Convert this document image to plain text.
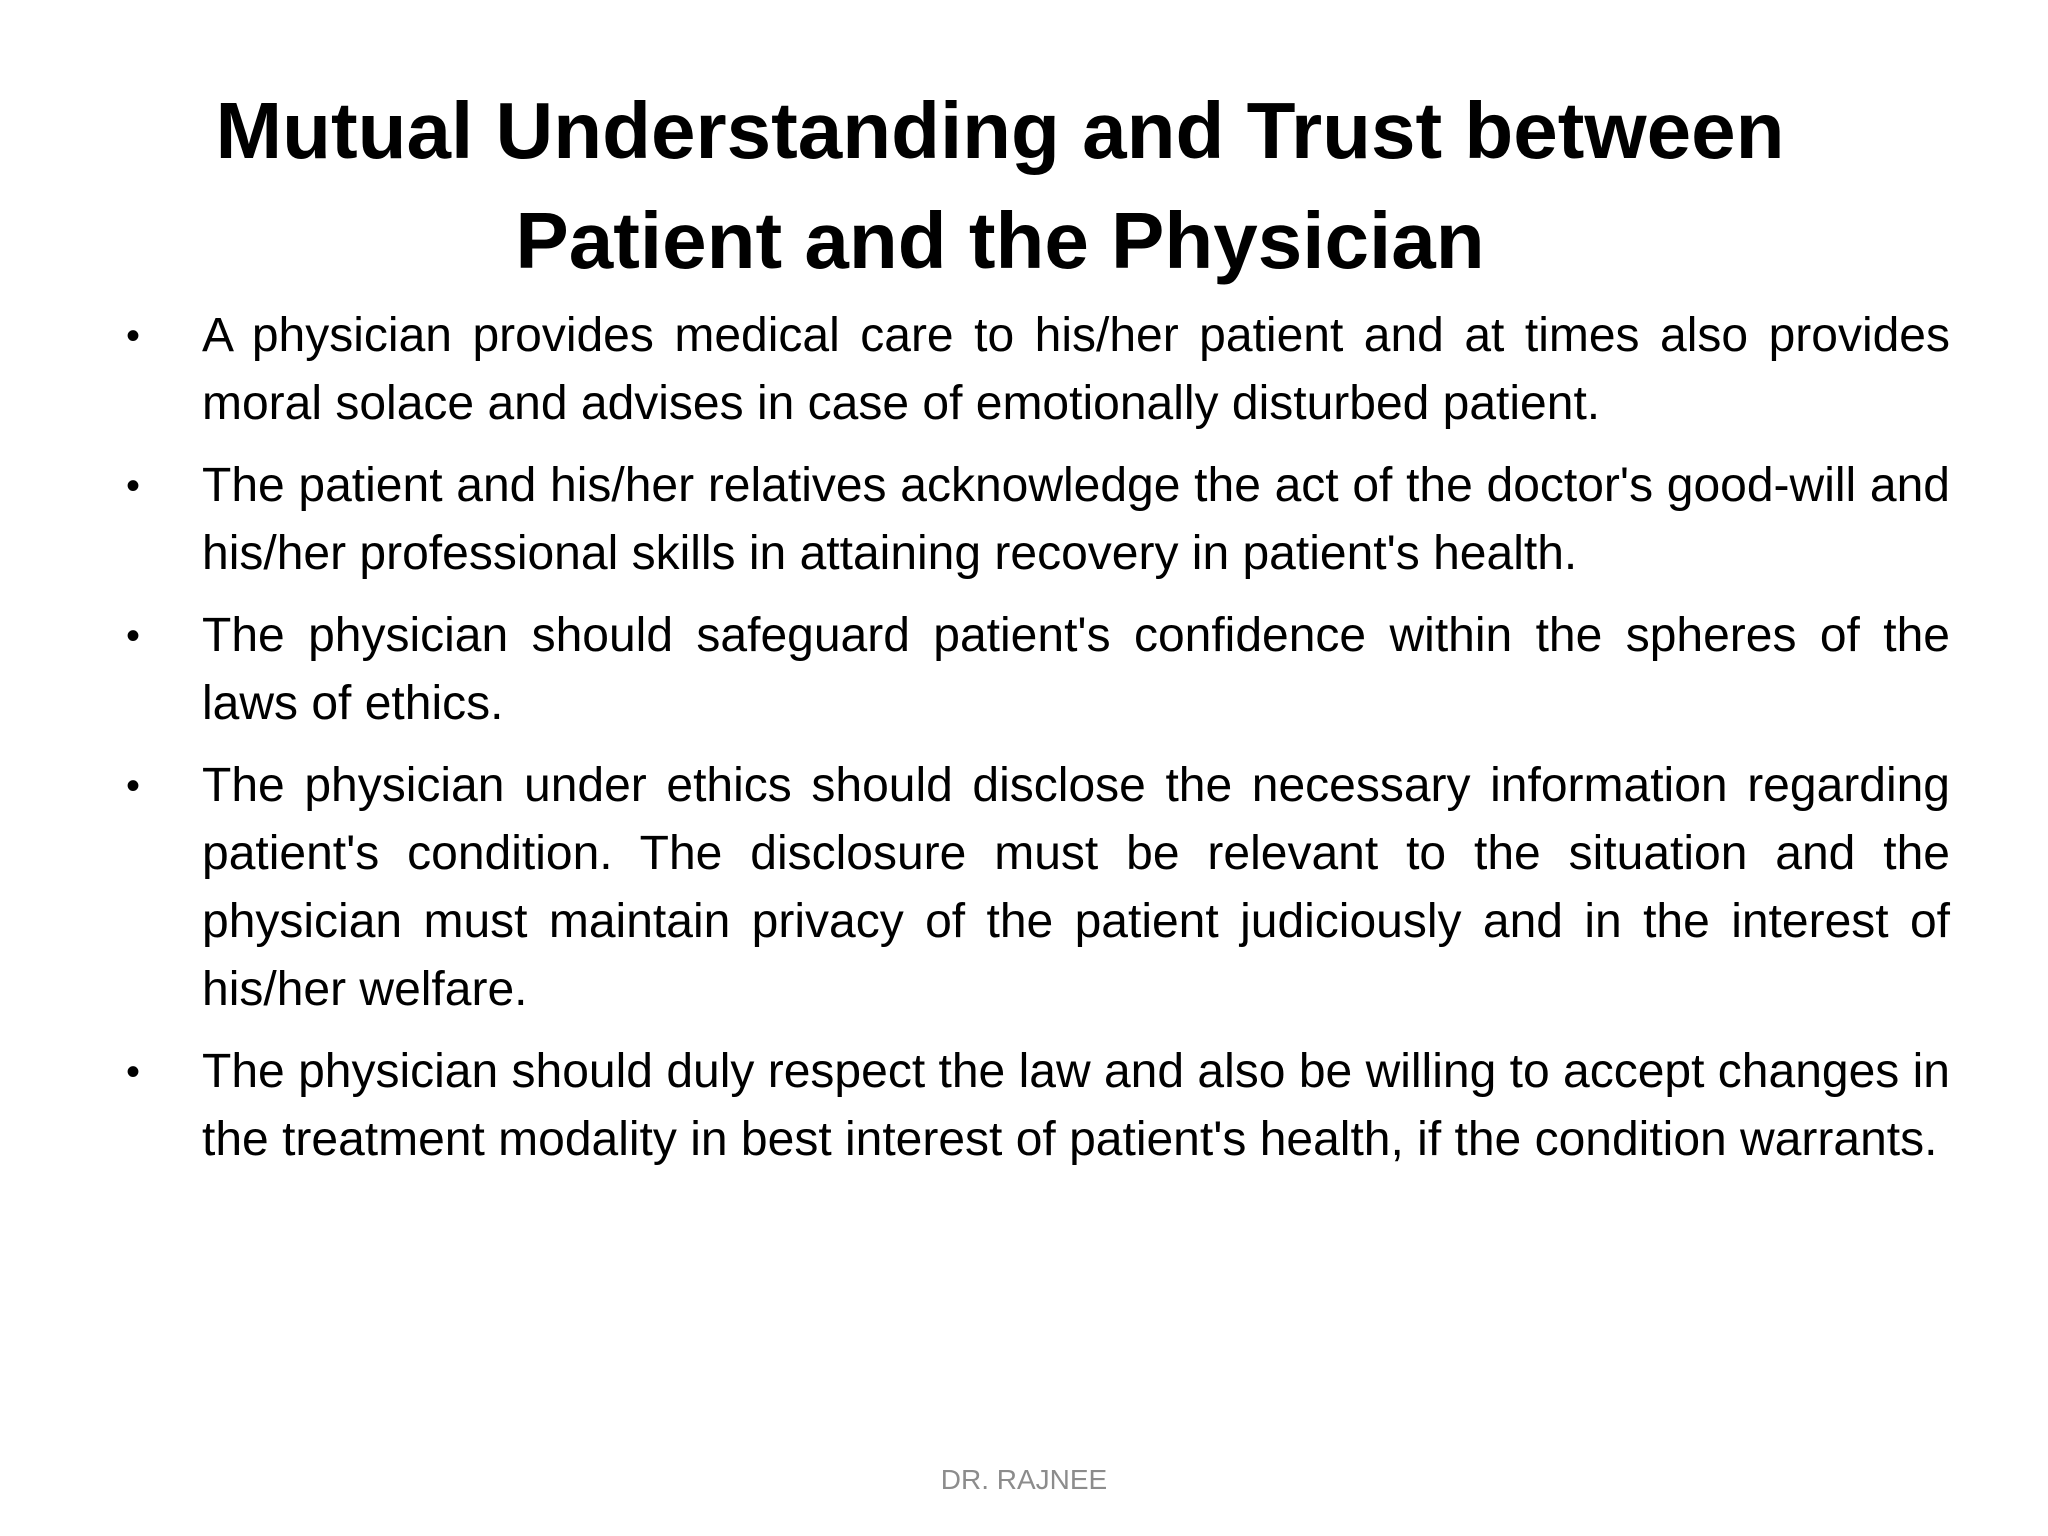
Mutual Understanding and Trust between
Patient and the Physician
• A physician provides medical care to his/her patient and at times also provides moral solace and advises in case of emotionally disturbed patient.
• The patient and his/her relatives acknowledge the act of the doctor's good-will and his/her professional skills in attaining recovery in patient's health.
• The physician should safeguard patient's confidence within the spheres of the laws of ethics.
• The physician under ethics should disclose the necessary information regarding patient's condition. The disclosure must be relevant to the situation and the physician must maintain privacy of the patient judiciously and in the interest of his/her welfare.
• The physician should duly respect the law and also be willing to accept changes in the treatment modality in best interest of patient's health, if the condition warrants.
DR. RAJNEE
